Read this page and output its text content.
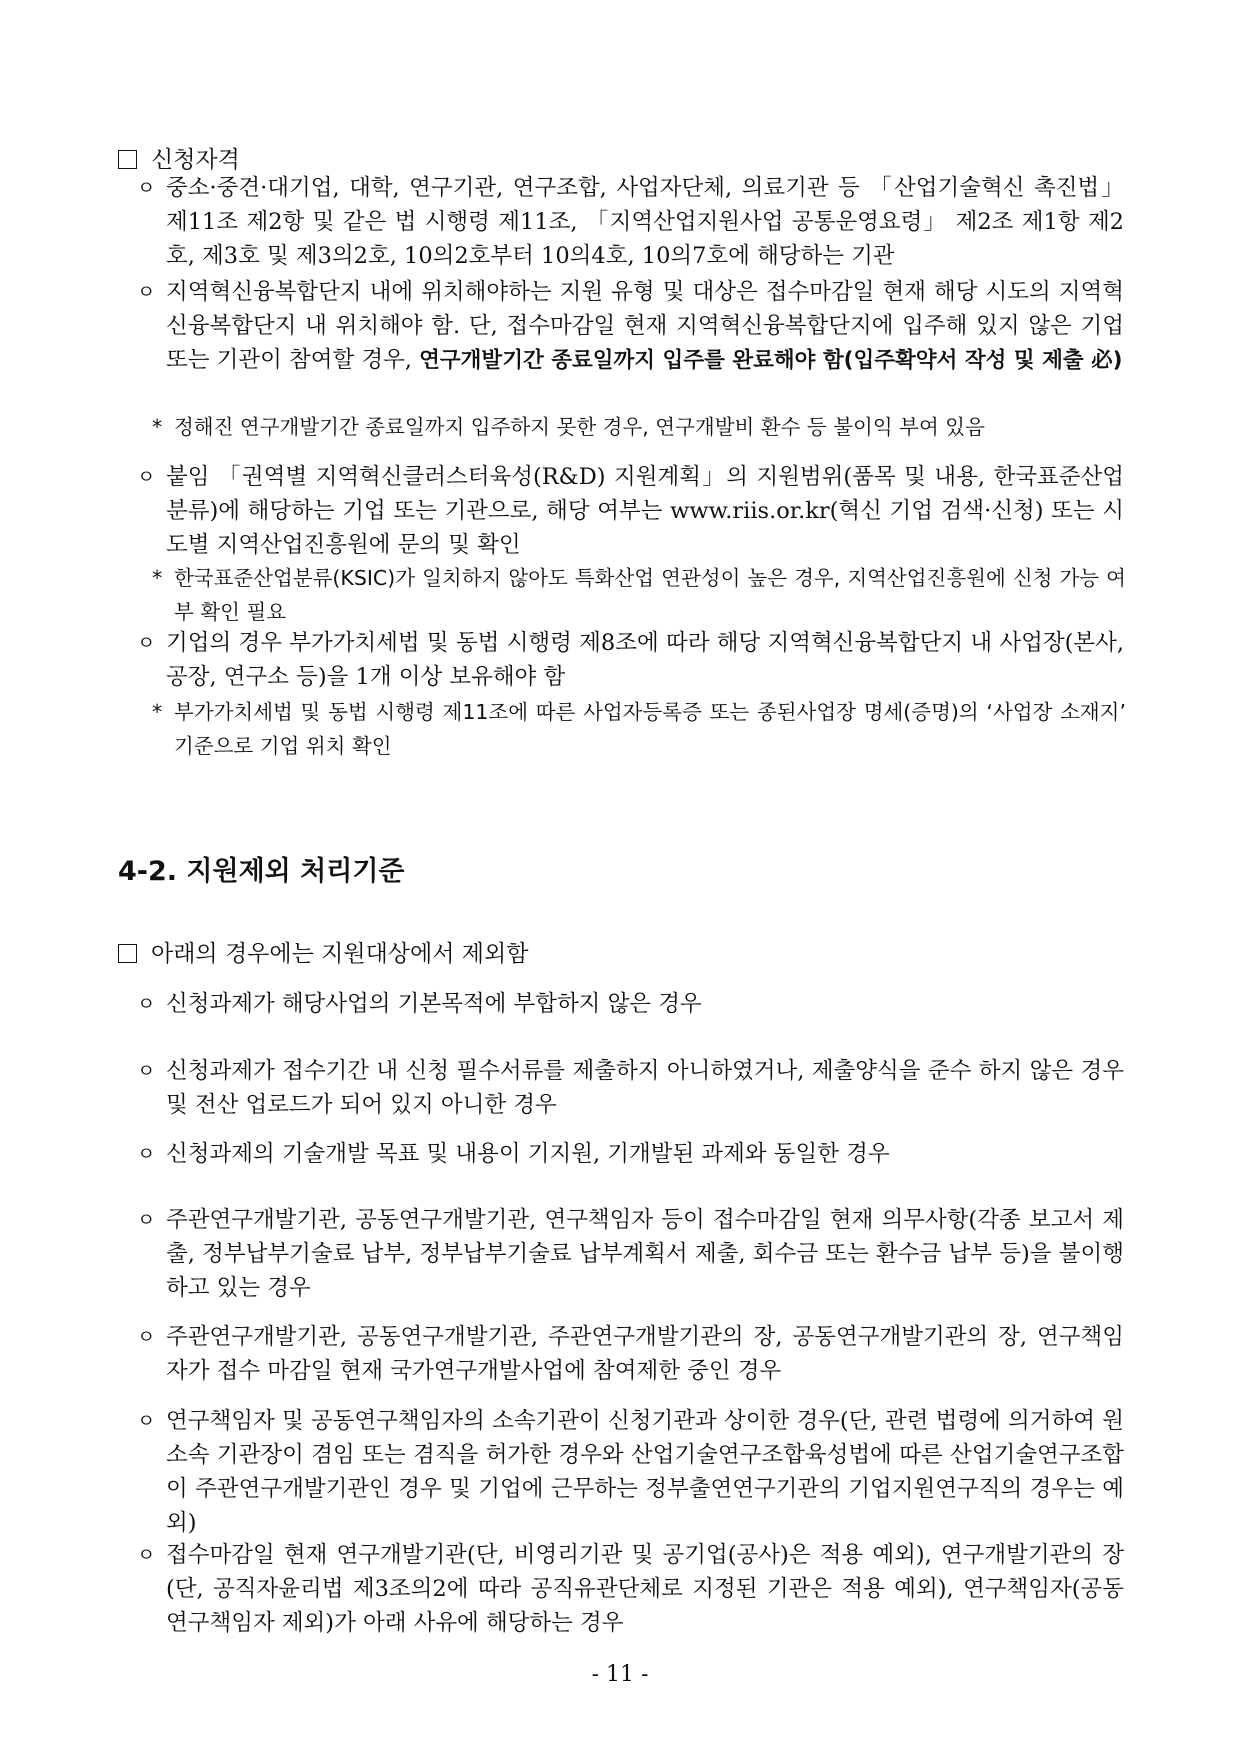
신청자격
ㅇ 중소·중견·대기업, 대학, 연구기관, 연구조합, 사업자단체, 의료기관 등 「산업기술혁신 촉진법」 제11조 제2항 및 같은 법 시행령 제11조, 「지역산업지원사업 공통운영요령」 제2조 제1항 제2호, 제3호 및 제3의2호, 10의2호부터 10의4호, 10의7호에 해당하는 기관
ㅇ 지역혁신융복합단지 내에 위치해야하는 지원 유형 및 대상은 접수마감일 현재 해당 시도의 지역혁신융복합단지 내 위치해야 함. 단, 접수마감일 현재 지역혁신융복합단지에 입주해 있지 않은 기업 또는 기관이 참여할 경우, 연구개발기간 종료일까지 입주를 완료해야 함(입주확약서 작성 및 제출 必)
* 정해진 연구개발기간 종료일까지 입주하지 못한 경우, 연구개발비 환수 등 불이익 부여 있음
ㅇ 붙임 「권역별 지역혁신클러스터육성(R&D) 지원계획」의 지원범위(품목 및 내용, 한국표준산업분류)에 해당하는 기업 또는 기관으로, 해당 여부는 www.riis.or.kr(혁신 기업 검색·신청) 또는 시도별 지역산업진흥원에 문의 및 확인
* 한국표준산업분류(KSIC)가 일치하지 않아도 특화산업 연관성이 높은 경우, 지역산업진흥원에 신청 가능 여부 확인 필요
ㅇ 기업의 경우 부가가치세법 및 동법 시행령 제8조에 따라 해당 지역혁신융복합단지 내 사업장(본사, 공장, 연구소 등)을 1개 이상 보유해야 함
* 부가가치세법 및 동법 시행령 제11조에 따른 사업자등록증 또는 종된사업장 명세(증명)의 ‘사업장 소재지’ 기준으로 기업 위치 확인
4-2. 지원제외 처리기준
아래의 경우에는 지원대상에서 제외함
ㅇ 신청과제가 해당사업의 기본목적에 부합하지 않은 경우
ㅇ 신청과제가 접수기간 내 신청 필수서류를 제출하지 아니하였거나, 제출양식을 준수 하지 않은 경우 및 전산 업로드가 되어 있지 아니한 경우
ㅇ 신청과제의 기술개발 목표 및 내용이 기지원, 기개발된 과제와 동일한 경우
ㅇ 주관연구개발기관, 공동연구개발기관, 연구책임자 등이 접수마감일 현재 의무사항(각종 보고서 제출, 정부납부기술료 납부, 정부납부기술료 납부계획서 제출, 회수금 또는 환수금 납부 등)을 불이행하고 있는 경우
ㅇ 주관연구개발기관, 공동연구개발기관, 주관연구개발기관의 장, 공동연구개발기관의 장, 연구책임자가 접수 마감일 현재 국가연구개발사업에 참여제한 중인 경우
ㅇ 연구책임자 및 공동연구책임자의 소속기관이 신청기관과 상이한 경우(단, 관련 법령에 의거하여 원 소속 기관장이 겸임 또는 겸직을 허가한 경우와 산업기술연구조합육성법에 따른 산업기술연구조합이 주관연구개발기관인 경우 및 기업에 근무하는 정부출연연구기관의 기업지원연구직의 경우는 예외)
ㅇ 접수마감일 현재 연구개발기관(단, 비영리기관 및 공기업(공사)은 적용 예외), 연구개발기관의 장(단, 공직자윤리법 제3조의2에 따라 공직유관단체로 지정된 기관은 적용 예외), 연구책임자(공동연구책임자 제외)가 아래 사유에 해당하는 경우
- 11 -
